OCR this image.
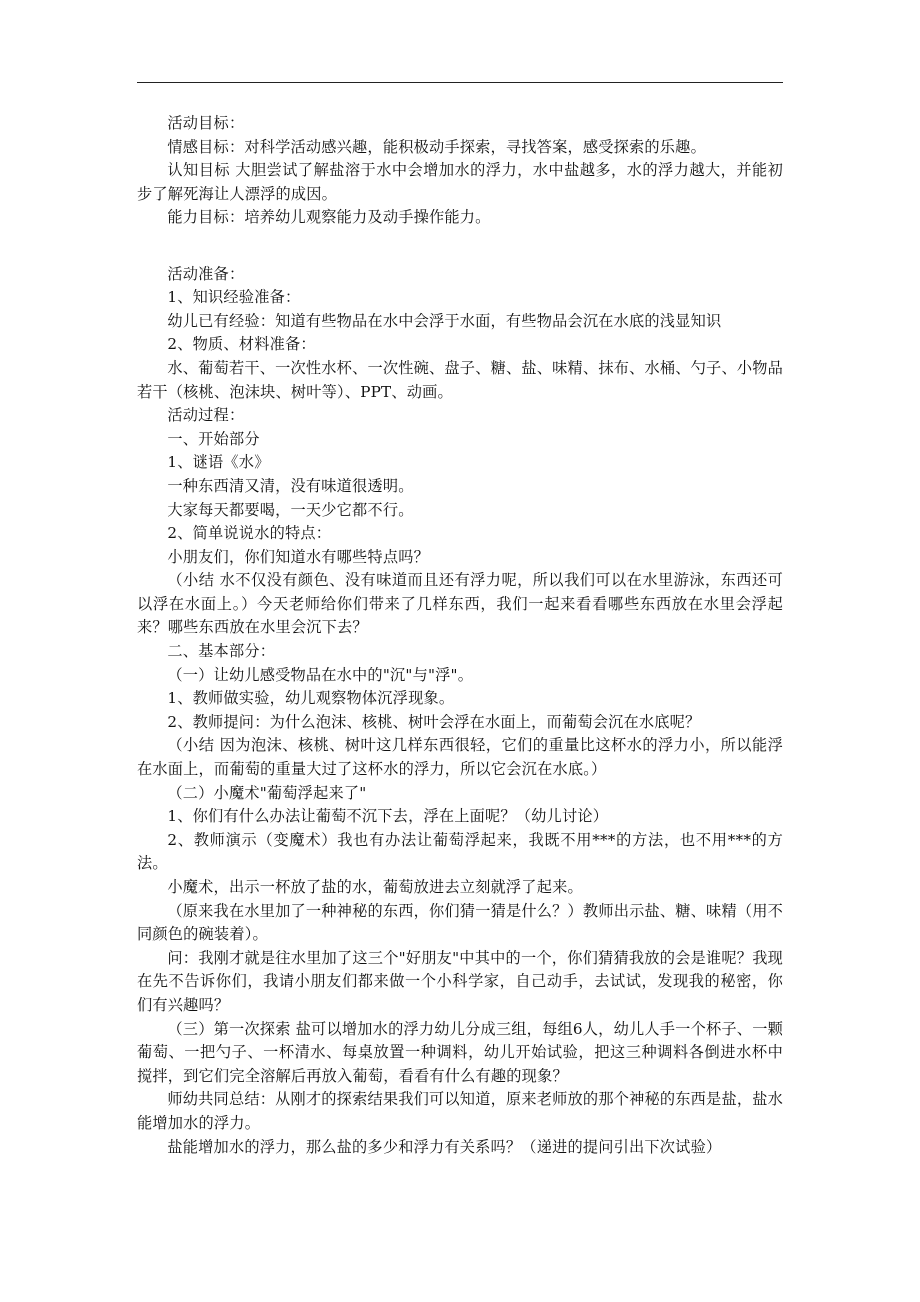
活动目标：

情感目标：对科学活动感兴趣，能积极动手探索，寻找答案，感受探索的乐趣。

认知目标 大胆尝试了解盐溶于水中会增加水的浮力，水中盐越多，水的浮力越大，并能初步了解死海让人漂浮的成因。

能力目标：培养幼儿观察能力及动手操作能力。

活动准备：

1、知识经验准备：

幼儿已有经验：知道有些物品在水中会浮于水面，有些物品会沉在水底的浅显知识

2、物质、材料准备：

水、葡萄若干、一次性水杯、一次性碗、盘子、糖、盐、味精、抹布、水桶、勺子、小物品若干（核桃、泡沫块、树叶等）、PPT、动画。

活动过程：

一、开始部分

1、谜语《水》

一种东西清又清，没有味道很透明。

大家每天都要喝，一天少它都不行。

2、简单说说水的特点：

小朋友们，你们知道水有哪些特点吗？

（小结 水不仅没有颜色、没有味道而且还有浮力呢，所以我们可以在水里游泳，东西还可以浮在水面上。）今天老师给你们带来了几样东西，我们一起来看看哪些东西放在水里会浮起来？哪些东西放在水里会沉下去？

二、基本部分：

（一）让幼儿感受物品在水中的"沉"与"浮"。

1、教师做实验，幼儿观察物体沉浮现象。

2、教师提问：为什么泡沫、核桃、树叶会浮在水面上，而葡萄会沉在水底呢？

（小结 因为泡沫、核桃、树叶这几样东西很轻，它们的重量比这杯水的浮力小，所以能浮在水面上，而葡萄的重量大过了这杯水的浮力，所以它会沉在水底。）

（二）小魔术"葡萄浮起来了"

1、你们有什么办法让葡萄不沉下去，浮在上面呢？（幼儿讨论）

2、教师演示（变魔术）我也有办法让葡萄浮起来，我既不用***的方法，也不用***的方法。

小魔术，出示一杯放了盐的水，葡萄放进去立刻就浮了起来。

（原来我在水里加了一种神秘的东西，你们猜一猜是什么？）教师出示盐、糖、味精（用不同颜色的碗装着）。

问：我刚才就是往水里加了这三个"好朋友"中其中的一个，你们猜猜我放的会是谁呢？我现在先不告诉你们，我请小朋友们都来做一个小科学家，自己动手，去试试，发现我的秘密，你们有兴趣吗？

（三）第一次探索 盐可以增加水的浮力幼儿分成三组，每组6人，幼儿人手一个杯子、一颗葡萄、一把勺子、一杯清水、每桌放置一种调料，幼儿开始试验，把这三种调料各倒进水杯中搅拌，到它们完全溶解后再放入葡萄，看看有什么有趣的现象？

师幼共同总结：从刚才的探索结果我们可以知道，原来老师放的那个神秘的东西是盐，盐水能增加水的浮力。

盐能增加水的浮力，那么盐的多少和浮力有关系吗？（递进的提问引出下次试验）
